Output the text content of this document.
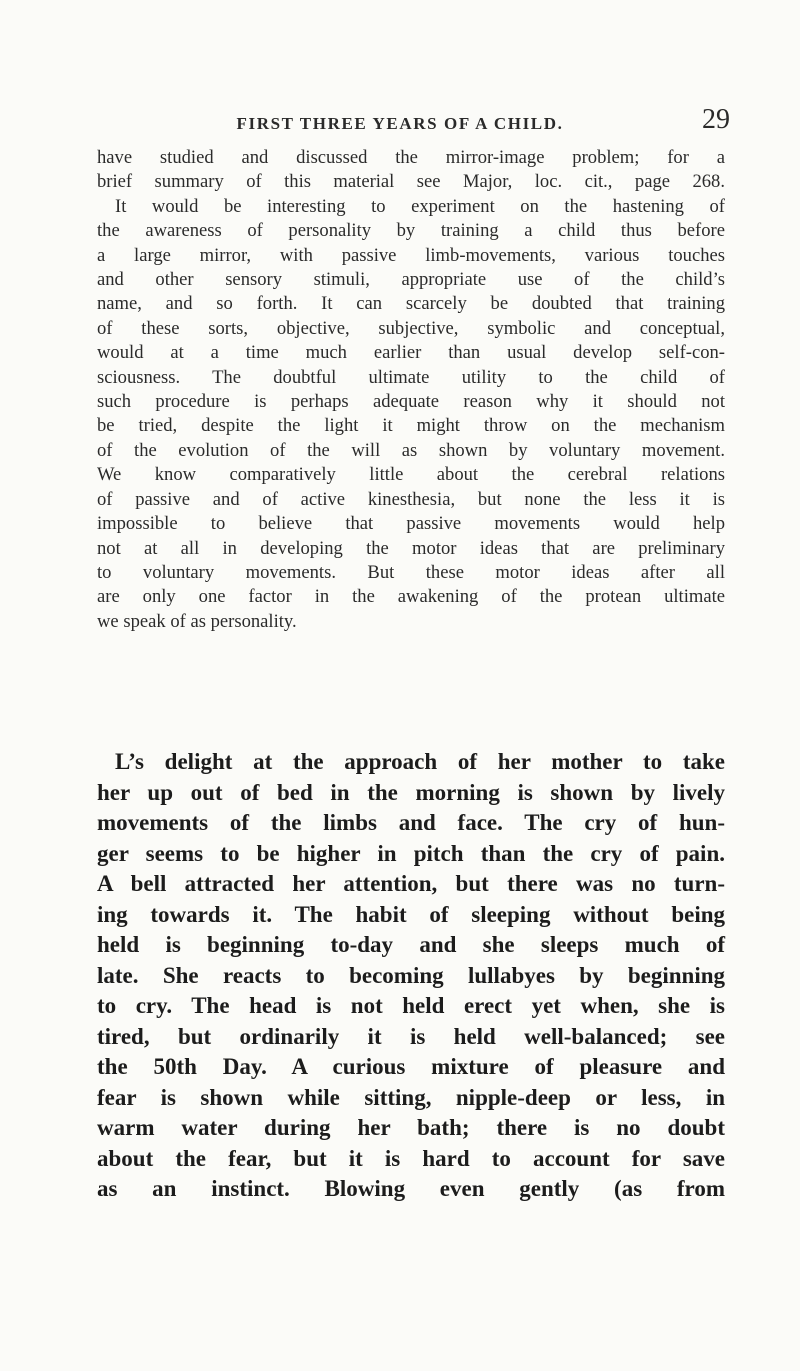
FIRST THREE YEARS OF A CHILD.	29
have studied and discussed the mirror-image problem; for a
brief summary of this material see Major, loc. cit., page 268.
It would be interesting to experiment on the hastening of
the awareness of personality by training a child thus before
a large mirror, with passive limb-movements, various touches
and other sensory stimuli, appropriate use of the child’s
name, and so forth. It can scarcely be doubted that training
of these sorts, objective, subjective, symbolic and conceptual,
would at a time much earlier than usual develop self-con-
sciousness. The doubtful ultimate utility to the child of
such procedure is perhaps adequate reason why it should not
be tried, despite the light it might throw on the mechanism
of the evolution of the will as shown by voluntary movement.
We know comparatively little about the cerebral relations
of passive and of active kinesthesia, but none the less it is
impossible to believe that passive movements would help
not at all in developing the motor ideas that are preliminary
to voluntary movements. But these motor ideas after all
are only one factor in the awakening of the protean ultimate
we speak of as personality.
L’s delight at the approach of her mother to take
her up out of bed in the morning is shown by lively
movements of the limbs and face. The cry of hun-
ger seems to be higher in pitch than the cry of pain.
A bell attracted her attention, but there was no turn-
ing towards it. The habit of sleeping without being
held is beginning to-day and she sleeps much of
late. She reacts to becoming lullabyes by beginning
to cry. The head is not held erect yet when, she is
tired, but ordinarily it is held well-balanced; see
the 50th Day. A curious mixture of pleasure and
fear is shown while sitting, nipple-deep or less, in
warm water during her bath; there is no doubt
about the fear, but it is hard to account for save
as an instinct. Blowing even gently (as from
